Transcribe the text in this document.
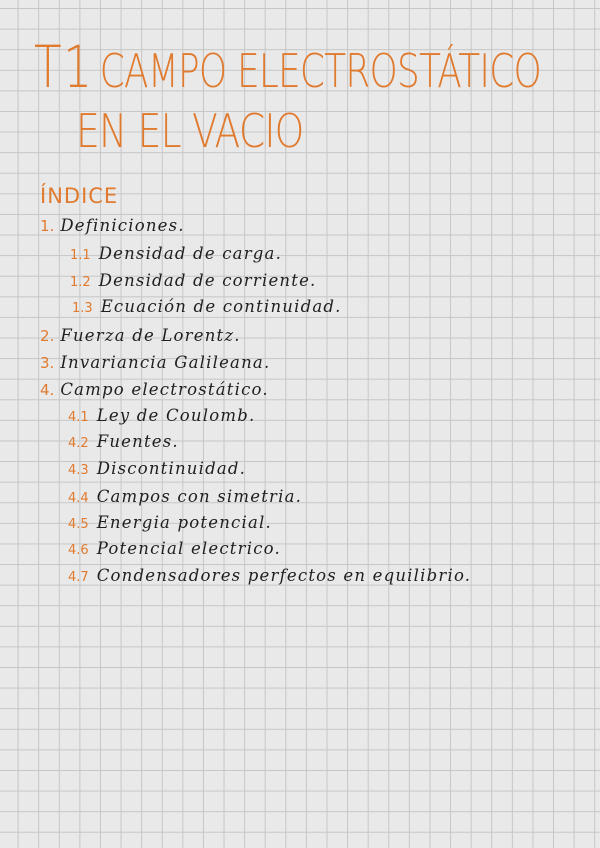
T1 CAMPO ELECTROSTÁTICO
EN EL VACIO
ÍNDICE
1. Definiciones.
1.1 Densidad de carga.
1.2 Densidad de corriente.
1.3 Ecuación de continuidad.
2. Fuerza de Lorentz.
3. Invariancia Galileana.
4. Campo electrostático.
4.1 Ley de Coulomb.
4.2 Fuentes.
4.3 Discontinuidad.
4.4 Campos con simetria.
4.5 Energia potencial.
4.6 Potencial electrico.
4.7 Condensadores perfectos en equilibrio.
